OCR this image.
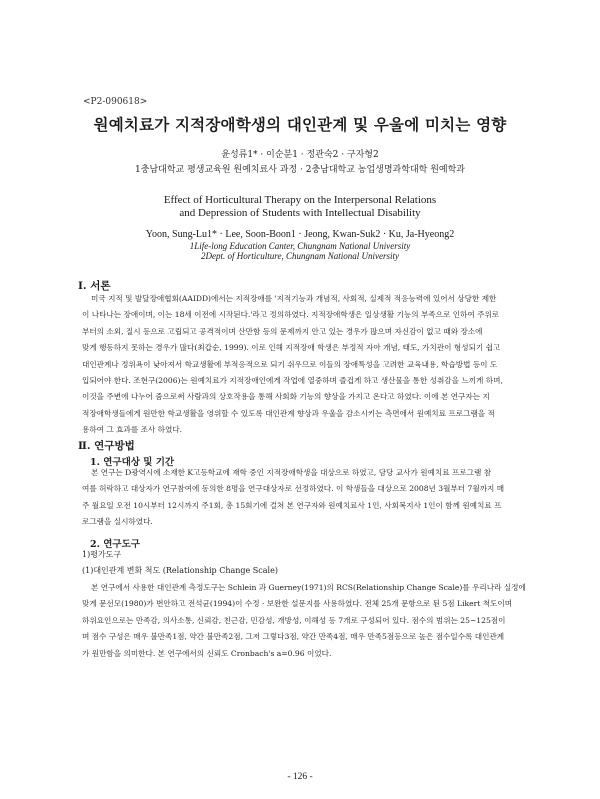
<P2-090618>
원예치료가 지적장애학생의 대인관계 및 우울에 미치는 영향
윤성류1* · 이순분1 · 정관숙2 · 구자형2
1충남대학교 평생교육원 원예치료사 과정 · 2충남대학교 농업생명과학대학 원예학과
Effect of Horticultural Therapy on the Interpersonal Relations
and Depression of Students with Intellectual Disability
Yoon, Sung-Lu1* · Lee, Soon-Boon1 · Jeong, Kwan-Suk2 · Ku, Ja-Hyeong2
1Life-long Education Canter, Chungnam National University
2Dept. of Horticulture, Chungnam National University
Ⅰ. 서론
미국 지적 및 발달장애협회(AAIDD)에서는 지적장애를 '지적기능과 개념적, 사회적, 실제적 적응능력에 있어서 상당한 제한
이 나타나는 장애이며, 이는 18세 이전에 시작된다.'라고 정의하였다. 지적장애학생은 일상생활 기능의 부족으로 인하여 주위로
부터의 소외, 질시 등으로 고립되고 공격적이며 산만함 등의 문제까지 안고 있는 경우가 많으며 자신감이 없고 때와 장소에
맞게 행동하지 못하는 경우가 많다(최갑순, 1999). 이로 인해 지적장애 학생은 부정적 자아 개념, 태도, 가치관이 형성되기 쉽고
대인관계나 정위욕이 낮아져서 학교생활에 부적응적으로 되기 쉬우므로 이들의 장애특성을 고려한 교육내용, 학습방법 등이 도
입되어야 한다. 조현구(2006)는 원예치료가 지적장애인에게 작업에 열중하며 즐겁게 하고 생산물을 통한 성취감을 느끼게 하며,
이것을 주변에 나누어 줌으로써 사람과의 상호작용을 통해 사회화 기능의 향상을 가지고 온다고 하였다. 이에 본 연구자는 지
적장애학생들에게 원만한 학교생활을 영위할 수 있도록 대인관계 향상과 우울을 감소시키는 측면에서 원예치료 프로그램을 적
용하여 그 효과를 조사 하였다.
Ⅱ. 연구방법
1. 연구대상 및 기간
본 연구는 D광역시에 소재한 K고등학교에 재학 중인 지적장애학생을 대상으로 하였고, 담당 교사가 원예치료 프로그램 참
여를 허락하고 대상자가 연구참여에 동의한 8명을 연구대상자로 선정하였다. 이 학생들을 대상으로 2008년 3월부터 7월까지 매
주 월요일 오전 10시부터 12시까지 주1회, 총 15회기에 걸쳐 본 연구자와 원예치료사 1인, 사회복지사 1인이 함께 원예치료 프
로그램을 실시하였다.
2. 연구도구
1)평가도구
(1)대인관계 변화 척도 (Relationship Change Scale)
본 연구에서 사용한 대인관계 측정도구는 Schlein 과 Guerney(1971)의 RCS(Relationship Change Scale)를 우리나라 실정에
맞게 문선모(1980)가 번안하고 전석균(1994)이 수정 · 보완한 설문지를 사용하였다. 전체 25개 문항으로 된 5점 Likert 척도이며
하위요인으로는 만족감, 의사소통, 신뢰감, 친근감, 민감성, 개방성, 이해성 등 7개로 구성되어 있다. 점수의 범위는 25~125점이
며 점수 구성은 매우 불만족1점, 약간 불만족2점, 그저 그렇다3점, 약간 만족4점, 매우 만족5점등으로 높은 점수일수록 대인관계
가 원만함을 의미한다. 본 연구에서의 신뢰도 Cronbach's a=0.96 이었다.
- 126 -
